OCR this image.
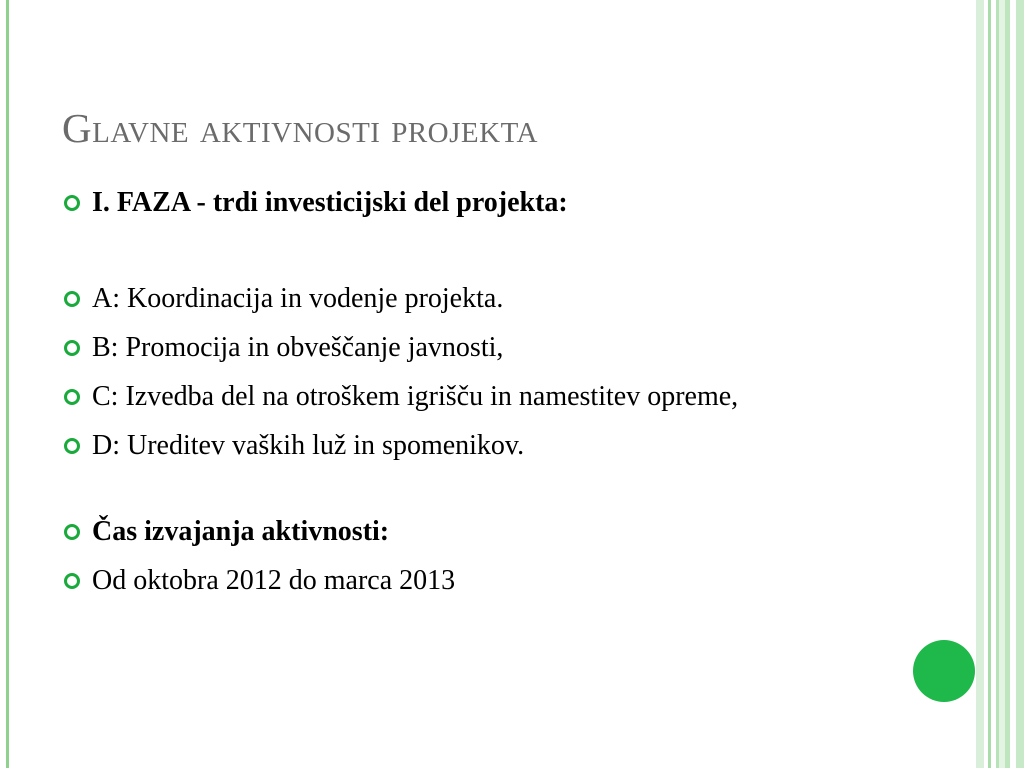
Glavne aktivnosti projekta
I. FAZA - trdi investicijski del projekta:
A: Koordinacija in vodenje projekta.
B: Promocija in obveščanje javnosti,
C: Izvedba del na otroškem igrišču in namestitev opreme,
D: Ureditev vaških luž in spomenikov.
Čas izvajanja aktivnosti:
Od oktobra 2012 do marca 2013
